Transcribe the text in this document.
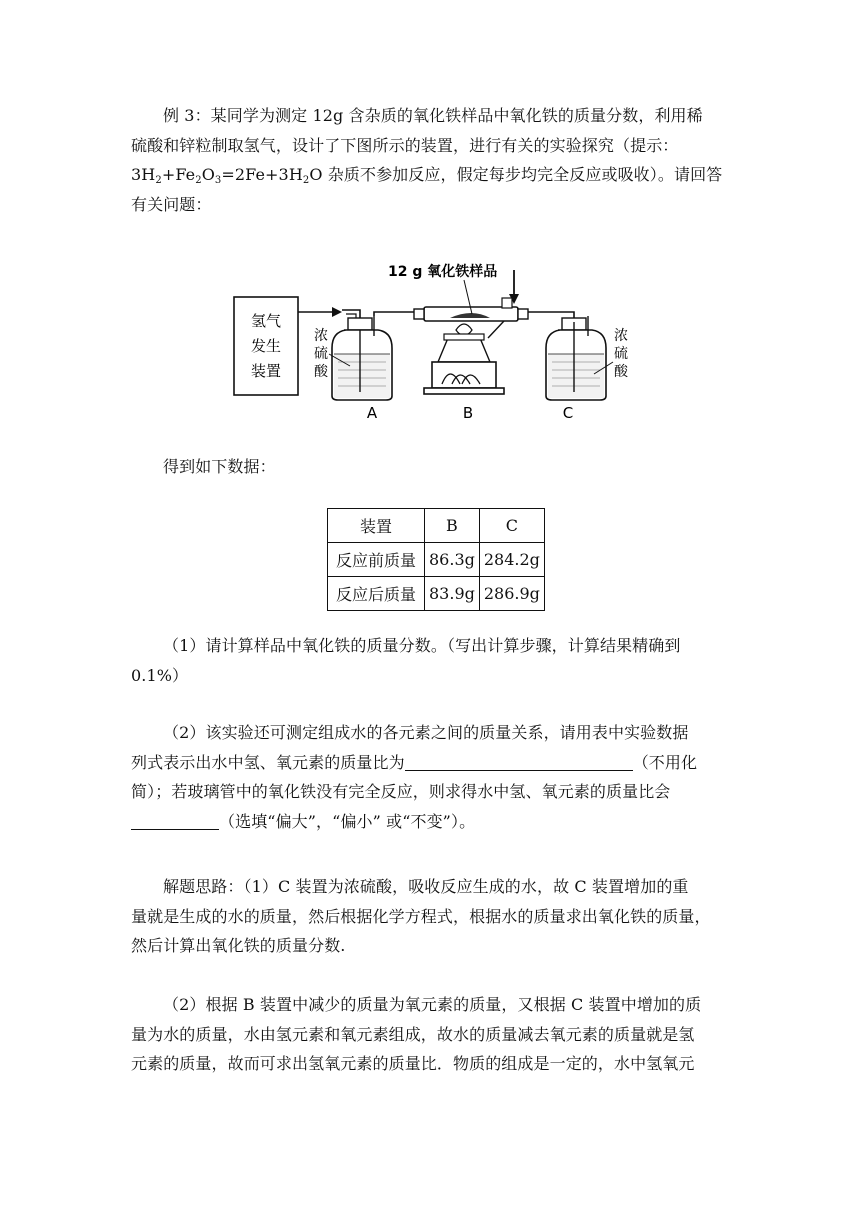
例 3：某同学为测定 12g 含杂质的氧化铁样品中氧化铁的质量分数，利用稀
硫酸和锌粒制取氢气，设计了下图所示的装置，进行有关的实验探究（提示：
$3H_2+Fe_2O_3=2Fe+3H_2O$ 杂质不参加反应，假定每步均完全反应或吸收）。请回答
有关问题：
氢气
发生
装置
浓
硫
酸
12 g 氧化铁样品
浓
硫
酸
A	B	C
得到如下数据：
装置	B	C
反应前质量	86.3g	284.2g
反应后质量	83.9g	286.9g
（1）请计算样品中氧化铁的质量分数。（写出计算步骤，计算结果精确到
0.1%）
（2）该实验还可测定组成水的各元素之间的质量关系，请用表中实验数据
列式表示出水中氢、氧元素的质量比为	（不用化
简）；若玻璃管中的氧化铁没有完全反应，则求得水中氢、氧元素的质量比会
（选填“偏大”，“偏小” 或“不变”）。
解题思路：（1）C 装置为浓硫酸，吸收反应生成的水，故 C 装置增加的重
量就是生成的水的质量，然后根据化学方程式，根据水的质量求出氧化铁的质量，
然后计算出氧化铁的质量分数.
（2）根据 B 装置中减少的质量为氧元素的质量，又根据 C 装置中增加的质
量为水的质量，水由氢元素和氧元素组成，故水的质量减去氧元素的质量就是氢
元素的质量，故而可求出氢氧元素的质量比．物质的组成是一定的，水中氢氧元
